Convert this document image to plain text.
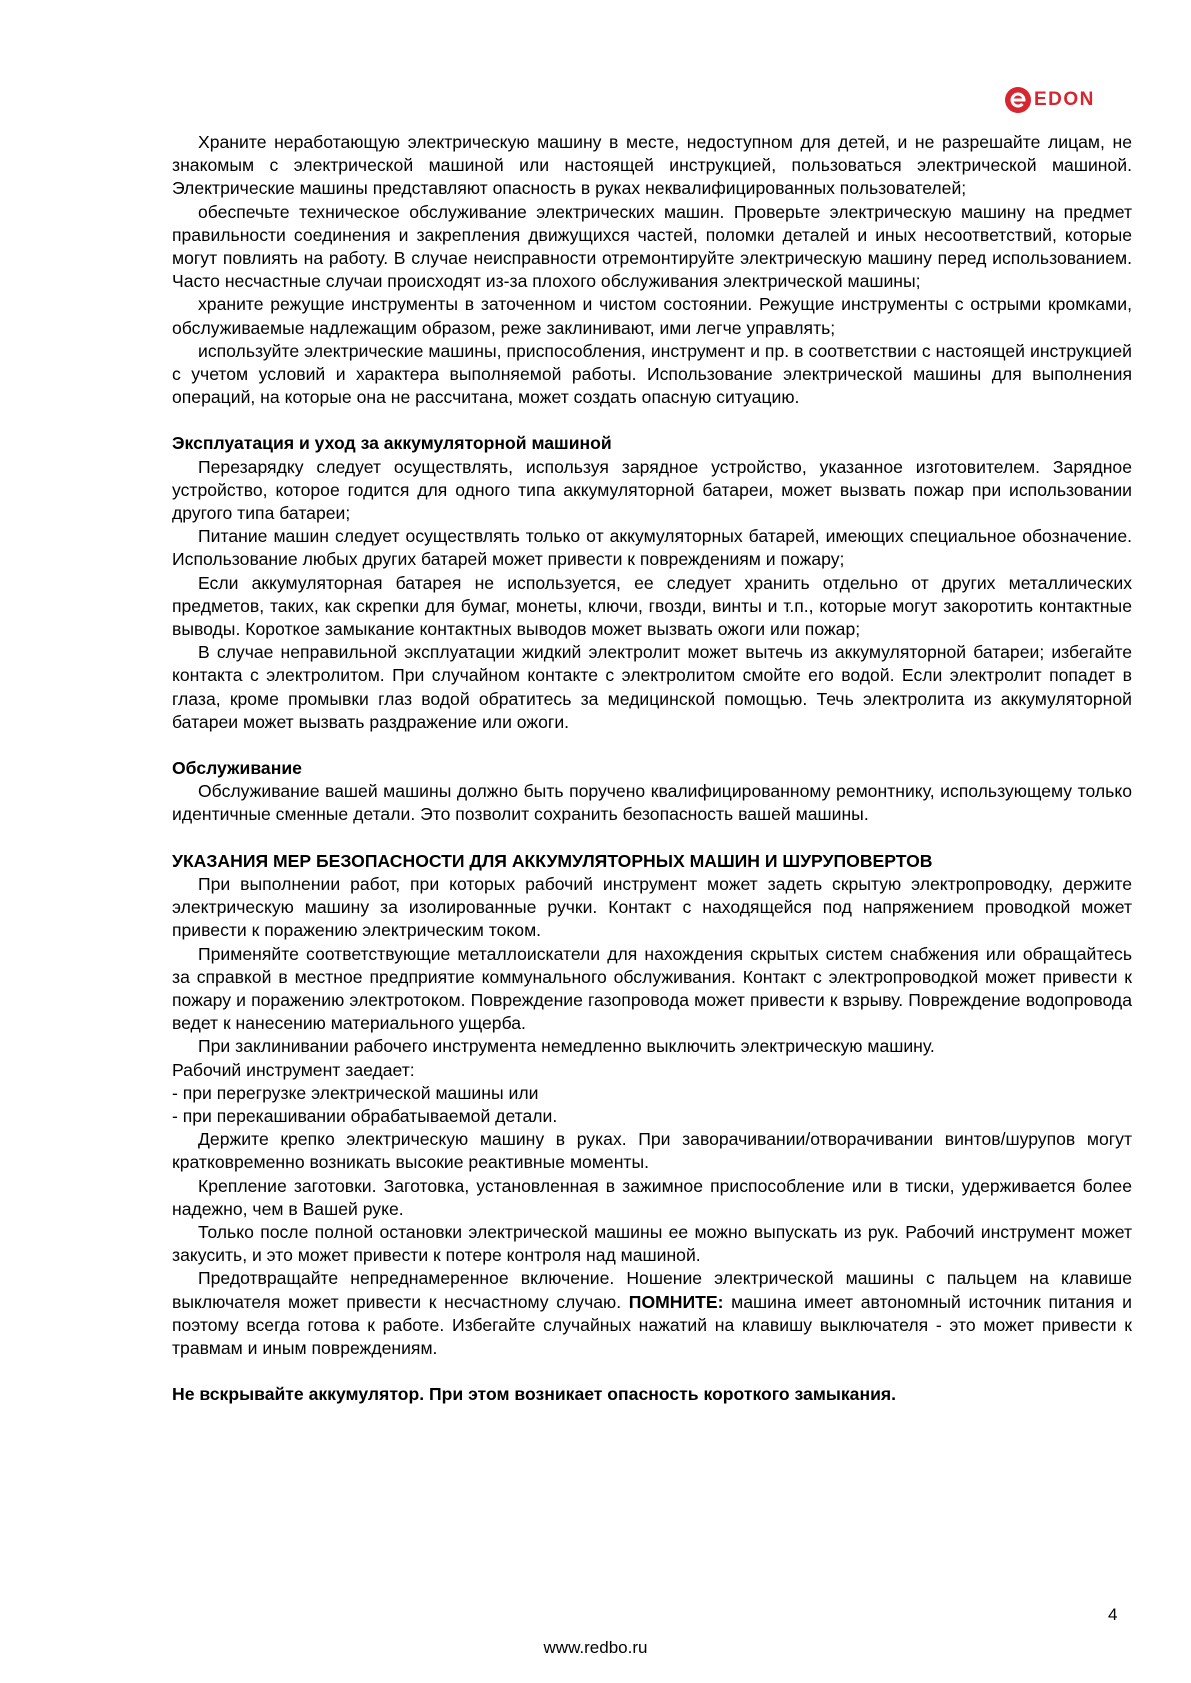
EDON

Храните неработающую электрическую машину в месте, недоступном для детей, и не разрешайте лицам, не знакомым с электрической машиной или настоящей инструкцией, пользоваться электрической машиной. Электрические машины представляют опасность в руках неквалифицированных пользователей;

обеспечьте техническое обслуживание электрических машин. Проверьте электрическую машину на предмет правильности соединения и закрепления движущихся частей, поломки деталей и иных несоответствий, которые могут повлиять на работу. В случае неисправности отремонтируйте электрическую машину перед использованием. Часто несчастные случаи происходят из-за плохого обслуживания электрической машины;

храните режущие инструменты в заточенном и чистом состоянии. Режущие инструменты с острыми кромками, обслуживаемые надлежащим образом, реже заклинивают, ими легче управлять;

используйте электрические машины, приспособления, инструмент и пр. в соответствии с настоящей инструкцией с учетом условий и характера выполняемой работы. Использование электрической машины для выполнения операций, на которые она не рассчитана, может создать опасную ситуацию.

Эксплуатация и уход за аккумуляторной машиной

Перезарядку следует осуществлять, используя зарядное устройство, указанное изготовителем. Зарядное устройство, которое годится для одного типа аккумуляторной батареи, может вызвать пожар при использовании другого типа батареи;

Питание машин следует осуществлять только от аккумуляторных батарей, имеющих специальное обозначение. Использование любых других батарей может привести к повреждениям и пожару;

Если аккумуляторная батарея не используется, ее следует хранить отдельно от других металлических предметов, таких, как скрепки для бумаг, монеты, ключи, гвозди, винты и т.п., которые могут закоротить контактные выводы. Короткое замыкание контактных выводов может вызвать ожоги или пожар;

В случае неправильной эксплуатации жидкий электролит может вытечь из аккумуляторной батареи; избегайте контакта с электролитом. При случайном контакте с электролитом смойте его водой. Если электролит попадет в глаза, кроме промывки глаз водой обратитесь за медицинской помощью. Течь электролита из аккумуляторной батареи может вызвать раздражение или ожоги.

Обслуживание

Обслуживание вашей машины должно быть поручено квалифицированному ремонтнику, использующему только идентичные сменные детали. Это позволит сохранить безопасность вашей машины.

УКАЗАНИЯ МЕР БЕЗОПАСНОСТИ ДЛЯ АККУМУЛЯТОРНЫХ МАШИН И ШУРУПОВЕРТОВ

При выполнении работ, при которых рабочий инструмент может задеть скрытую электропроводку, держите электрическую машину за изолированные ручки. Контакт с находящейся под напряжением проводкой может привести к поражению электрическим током.

Применяйте соответствующие металлоискатели для нахождения скрытых систем снабжения или обращайтесь за справкой в местное предприятие коммунального обслуживания. Контакт с электропроводкой может привести к пожару и поражению электротоком. Повреждение газопровода может привести к взрыву. Повреждение водопровода ведет к нанесению материального ущерба.

При заклинивании рабочего инструмента немедленно выключить электрическую машину.

Рабочий инструмент заедает:

- при перегрузке электрической машины или

- при перекашивании обрабатываемой детали.

Держите крепко электрическую машину в руках. При заворачивании/отворачивании винтов/шурупов могут кратковременно возникать высокие реактивные моменты.

Крепление заготовки. Заготовка, установленная в зажимное приспособление или в тиски, удерживается более надежно, чем в Вашей руке.

Только после полной остановки электрической машины ее можно выпускать из рук. Рабочий инструмент может закусить, и это может привести к потере контроля над машиной.

Предотвращайте непреднамеренное включение. Ношение электрической машины с пальцем на клавише выключателя может привести к несчастному случаю. ПОМНИТЕ: машина имеет автономный источник питания и поэтому всегда готова к работе. Избегайте случайных нажатий на клавишу выключателя - это может привести к травмам и иным повреждениям.

Не вскрывайте аккумулятор. При этом возникает опасность короткого замыкания.

4
www.redbo.ru
